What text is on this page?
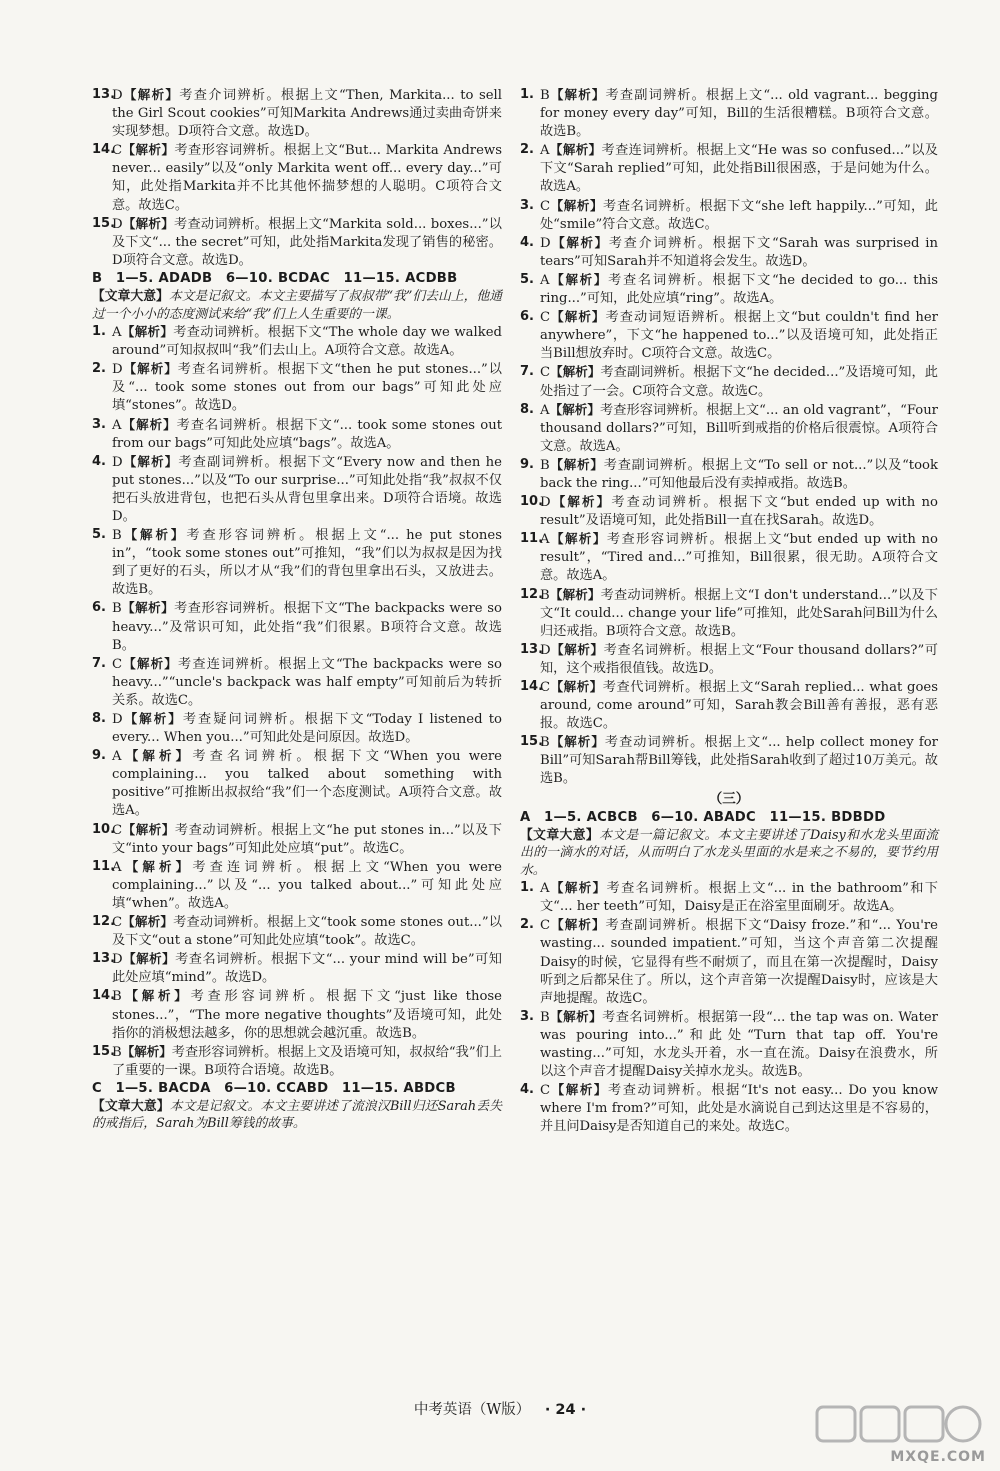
13.
D【解析】考查介词辨析。根据上文“Then, Markita... to sell the Girl Scout cookies”可知Markita Andrews通过卖曲奇饼来实现梦想。D项符合文意。故选D。
14.
C【解析】考查形容词辨析。根据上文“But... Markita Andrews never... easily”以及“only Markita went off... every day...”可知，此处指Markita并不比其他怀揣梦想的人聪明。C项符合文意。故选C。
15.
D【解析】考查动词辨析。根据上文“Markita sold... boxes...”以及下文“... the secret”可知，此处指Markita发现了销售的秘密。D项符合文意。故选D。
B　1—5. ADADB　6—10. BCDAC　11—15. ACDBB
【文章大意】本文是记叙文。本文主要描写了叔叔带“我”们去山上，他通过一个小小的态度测试来给“我”们上人生重要的一课。
1. A【解析】考查动词辨析。根据下文“The whole day we walked around”可知叔叔叫“我”们去山上。A项符合文意。故选A。
2. D【解析】考查名词辨析。根据下文“then he put stones...”以及“... took some stones out from our bags”可知此处应填“stones”。故选D。
3. A【解析】考查名词辨析。根据下文“... took some stones out from our bags”可知此处应填“bags”。故选A。
4. D【解析】考查副词辨析。根据下文“Every now and then he put stones...”以及“To our surprise...”可知此处指“我”叔叔不仅把石头放进背包，也把石头从背包里拿出来。D项符合语境。故选D。
5. B【解析】考查形容词辨析。根据上文“... he put stones in”，“took some stones out”可推知，“我”们以为叔叔是因为找到了更好的石头，所以才从“我”们的背包里拿出石头，又放进去。故选B。
6. B【解析】考查形容词辨析。根据下文“The backpacks were so heavy...”及常识可知，此处指“我”们很累。B项符合文意。故选B。
7. C【解析】考查连词辨析。根据上文“The backpacks were so heavy...”“uncle's backpack was half empty”可知前后为转折关系。故选C。
8. D【解析】考查疑问词辨析。根据下文“Today I listened to every... When you...”可知此处是问原因。故选D。
9. A【解析】考查名词辨析。根据下文“When you were complaining... you talked about something with positive”可推断出叔叔给“我”们一个态度测试。A项符合文意。故选A。
10.
C【解析】考查动词辨析。根据上文“he put stones in...”以及下文“into your bags”可知此处应填“put”。故选C。
11.
A【解析】考查连词辨析。根据上文“When you were complaining...”以及“... you talked about...”可知此处应填“when”。故选A。
12.
C【解析】考查动词辨析。根据上文“took some stones out...”以及下文“out a stone”可知此处应填“took”。故选C。
13.
D【解析】考查名词辨析。根据下文“... your mind will be”可知此处应填“mind”。故选D。
14.
B【解析】考查形容词辨析。根据下文“just like those stones...”，“The more negative thoughts”及语境可知，此处指你的消极想法越多，你的思想就会越沉重。故选B。
15.
B【解析】考查形容词辨析。根据上文及语境可知，叔叔给“我”们上了重要的一课。B项符合语境。故选B。
C　1—5. BACDA　6—10. CCABD　11—15. ABDCB
【文章大意】本文是记叙文。本文主要讲述了流浪汉Bill归还Sarah丢失的戒指后，Sarah为Bill筹钱的故事。
1. B【解析】考查副词辨析。根据上文“... old vagrant... begging for money every day”可知，Bill的生活很糟糕。B项符合文意。故选B。
2. A【解析】考查连词辨析。根据上文“He was so confused...”以及下文“Sarah replied”可知，此处指Bill很困惑，于是问她为什么。故选A。
3. C【解析】考查名词辨析。根据下文“she left happily...”可知，此处“smile”符合文意。故选C。
4. D【解析】考查介词辨析。根据下文“Sarah was surprised in tears”可知Sarah并不知道将会发生。故选D。
5. A【解析】考查名词辨析。根据下文“he decided to go... this ring...”可知，此处应填“ring”。故选A。
6. C【解析】考查动词短语辨析。根据上文“but couldn't find her anywhere”，下文“he happened to...”以及语境可知，此处指正当Bill想放弃时。C项符合文意。故选C。
7. C【解析】考查副词辨析。根据下文“he decided...”及语境可知，此处指过了一会。C项符合文意。故选C。
8. A【解析】考查形容词辨析。根据上文“... an old vagrant”，“Four thousand dollars?”可知，Bill听到戒指的价格后很震惊。A项符合文意。故选A。
9. B【解析】考查副词辨析。根据上文“To sell or not...”以及“took back the ring...”可知他最后没有卖掉戒指。故选B。
10.
D【解析】考查动词辨析。根据下文“but ended up with no result”及语境可知，此处指Bill一直在找Sarah。故选D。
11.
A【解析】考查形容词辨析。根据上文“but ended up with no result”，“Tired and...”可推知，Bill很累，很无助。A项符合文意。故选A。
12.
B【解析】考查动词辨析。根据上文“I don't understand...”以及下文“It could... change your life”可推知，此处Sarah问Bill为什么归还戒指。B项符合文意。故选B。
13.
D【解析】考查名词辨析。根据上文“Four thousand dollars?”可知，这个戒指很值钱。故选D。
14.
C【解析】考查代词辨析。根据上文“Sarah replied... what goes around, come around”可知，Sarah教会Bill善有善报，恶有恶报。故选C。
15.
B【解析】考查动词辨析。根据上文“... help collect money for Bill”可知Sarah帮Bill筹钱，此处指Sarah收到了超过10万美元。故选B。
（三）
A　1—5. ACBCB　6—10. ABADC　11—15. BDBDD
【文章大意】本文是一篇记叙文。本文主要讲述了Daisy和水龙头里面流出的一滴水的对话，从而明白了水龙头里面的水是来之不易的，要节约用水。
1. A【解析】考查名词辨析。根据上文“... in the bathroom”和下文“... her teeth”可知，Daisy是正在浴室里面刷牙。故选A。
2. C【解析】考查副词辨析。根据下文“Daisy froze.”和“... You're wasting... sounded impatient.”可知，当这个声音第二次提醒Daisy的时候，它显得有些不耐烦了，而且在第一次提醒时，Daisy听到之后都呆住了。所以，这个声音第一次提醒Daisy时，应该是大声地提醒。故选C。
3. B【解析】考查名词辨析。根据第一段“... the tap was on. Water was pouring into...”和此处“Turn that tap off. You're wasting...”可知，水龙头开着，水一直在流。Daisy在浪费水，所以这个声音才提醒Daisy关掉水龙头。故选B。
4. C【解析】考查动词辨析。根据“It's not easy... Do you know where I'm from?”可知，此处是水滴说自己到达这里是不容易的，并且问Daisy是否知道自己的来处。故选C。
中考英语（W版） · 24 ·
MXQE.COM
